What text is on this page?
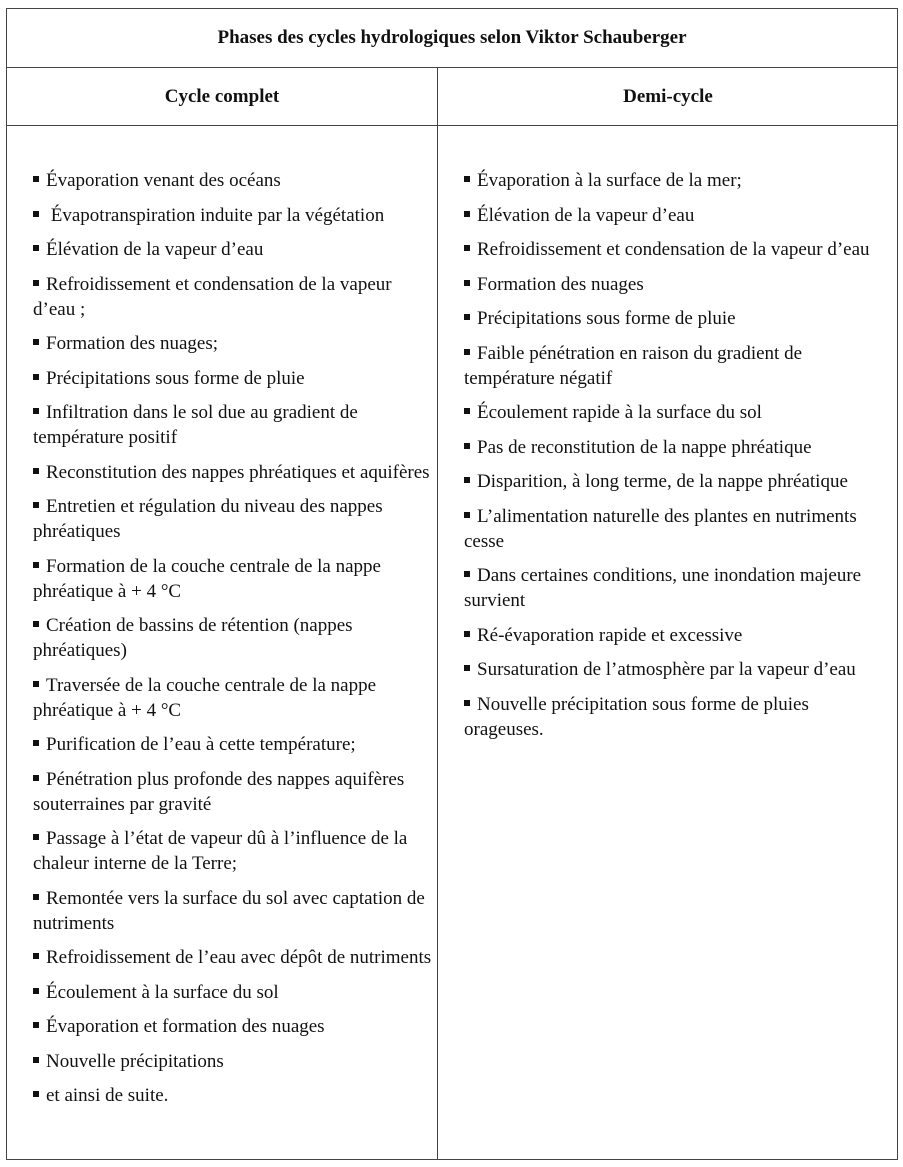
Phases des cycles hydrologiques selon Viktor Schauberger
Cycle complet	Demi-cycle
Évaporation venant des océans
Évapotranspiration induite par la végétation
Élévation de la vapeur d’eau
Refroidissement et condensation de la vapeur d’eau ;
Formation des nuages;
Précipitations sous forme de pluie
Infiltration dans le sol due au gradient de température positif
Reconstitution des nappes phréatiques et aquifères
Entretien et régulation du niveau des nappes phréatiques
Formation de la couche centrale de la nappe phréatique à + 4 °C
Création de bassins de rétention (nappes phréatiques)
Traversée de la couche centrale de la nappe phréatique à + 4 °C
Purification de l’eau à cette température;
Pénétration plus profonde des nappes aquifères souterraines par gravité
Passage à l’état de vapeur dû à l’influence de la chaleur interne de la Terre;
Remontée vers la surface du sol avec captation de nutriments
Refroidissement de l’eau avec dépôt de nutriments
Écoulement à la surface du sol
Évaporation et formation des nuages
Nouvelle précipitations
et ainsi de suite.
Évaporation à la surface de la mer;
Élévation de la vapeur d’eau
Refroidissement et condensation de la vapeur d’eau
Formation des nuages
Précipitations sous forme de pluie
Faible pénétration en raison du gradient de température négatif
Écoulement rapide à la surface du sol
Pas de reconstitution de la nappe phréatique
Disparition, à long terme, de la nappe phréatique
L’alimentation naturelle des plantes en nutriments cesse
Dans certaines conditions, une inondation majeure survient
Ré-évaporation rapide et excessive
Sursaturation de l’atmosphère par la vapeur d’eau
Nouvelle précipitation sous forme de pluies orageuses.
